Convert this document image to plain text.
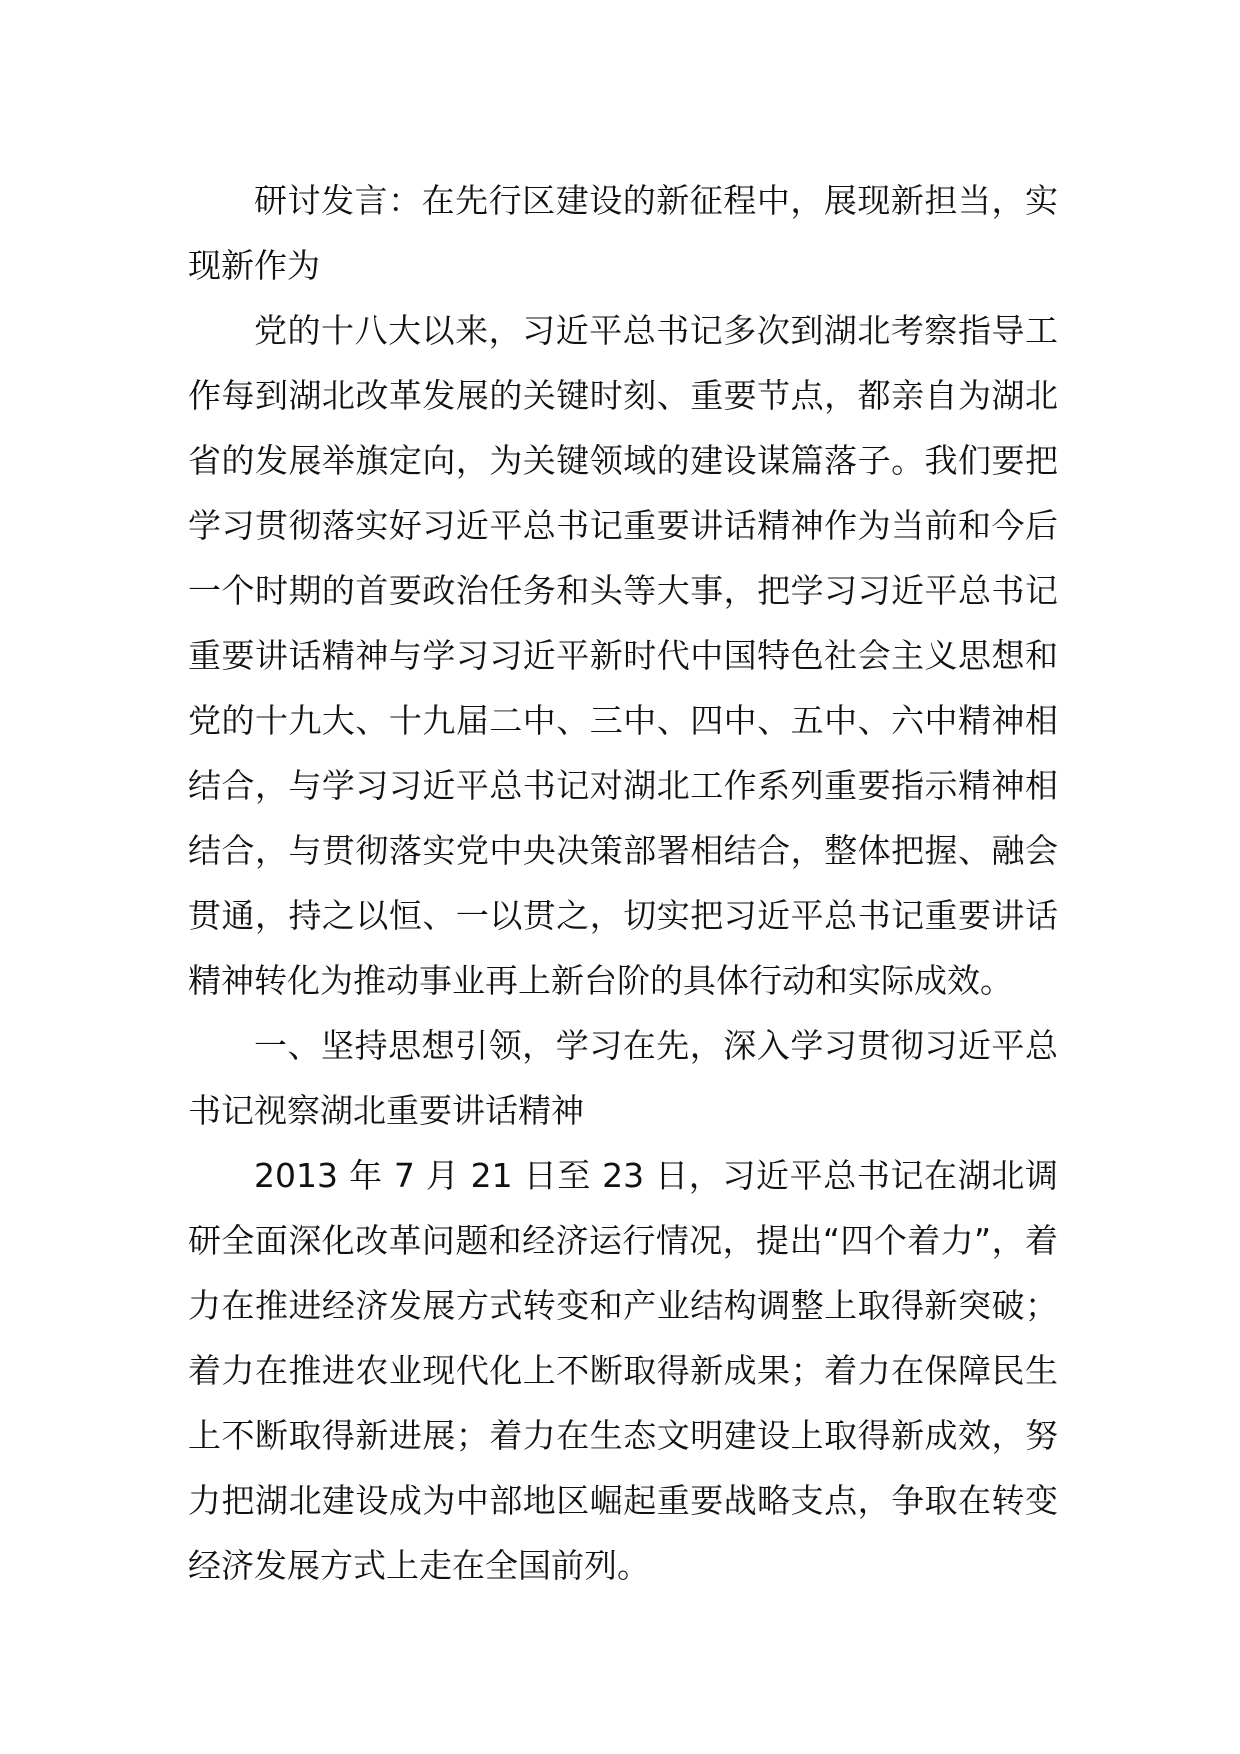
研讨发言：在先行区建设的新征程中，展现新担当，实现新作为

党的十八大以来，习近平总书记多次到湖北考察指导工作每到湖北改革发展的关键时刻、重要节点，都亲自为湖北省的发展举旗定向，为关键领域的建设谋篇落子。我们要把学习贯彻落实好习近平总书记重要讲话精神作为当前和今后一个时期的首要政治任务和头等大事，把学习习近平总书记重要讲话精神与学习习近平新时代中国特色社会主义思想和党的十九大、十九届二中、三中、四中、五中、六中精神相结合，与学习习近平总书记对湖北工作系列重要指示精神相结合，与贯彻落实党中央决策部署相结合，整体把握、融会贯通，持之以恒、一以贯之，切实把习近平总书记重要讲话精神转化为推动事业再上新台阶的具体行动和实际成效。

一、坚持思想引领，学习在先，深入学习贯彻习近平总书记视察湖北重要讲话精神

2013 年 7 月 21 日至 23 日，习近平总书记在湖北调研全面深化改革问题和经济运行情况，提出“四个着力”，着力在推进经济发展方式转变和产业结构调整上取得新突破；着力在推进农业现代化上不断取得新成果；着力在保障民生上不断取得新进展；着力在生态文明建设上取得新成效，努力把湖北建设成为中部地区崛起重要战略支点，争取在转变经济发展方式上走在全国前列。
